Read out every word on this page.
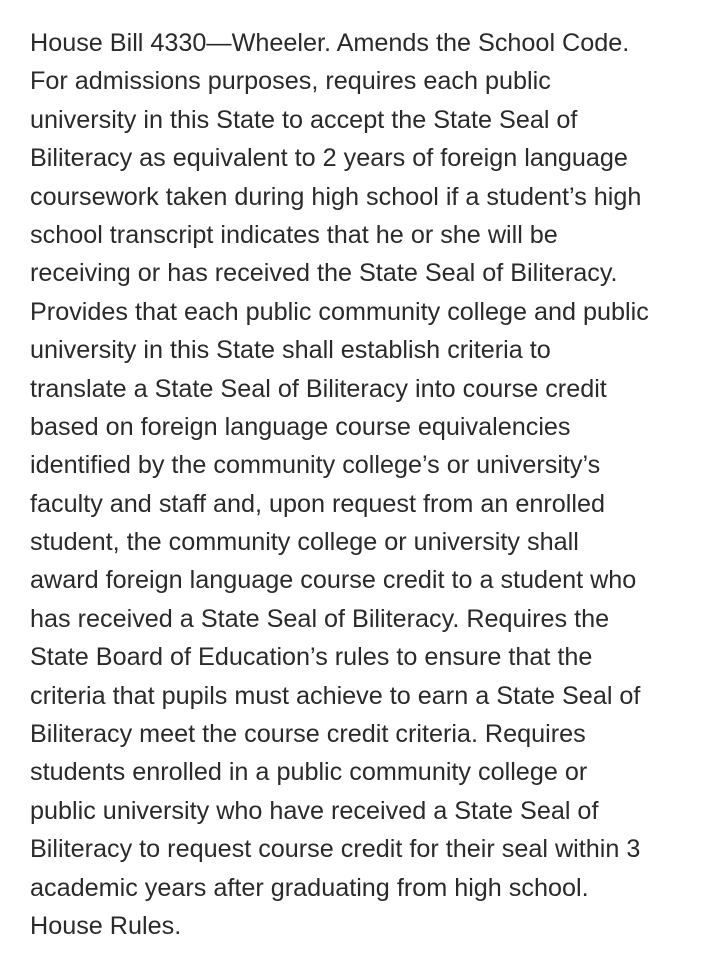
House Bill 4330—Wheeler. Amends the School Code.
For admissions purposes, requires each public
university in this State to accept the State Seal of
Biliteracy as equivalent to 2 years of foreign language
coursework taken during high school if a student’s high
school transcript indicates that he or she will be
receiving or has received the State Seal of Biliteracy.
Provides that each public community college and public
university in this State shall establish criteria to
translate a State Seal of Biliteracy into course credit
based on foreign language course equivalencies
identified by the community college’s or university’s
faculty and staff and, upon request from an enrolled
student, the community college or university shall
award foreign language course credit to a student who
has received a State Seal of Biliteracy. Requires the
State Board of Education’s rules to ensure that the
criteria that pupils must achieve to earn a State Seal of
Biliteracy meet the course credit criteria. Requires
students enrolled in a public community college or
public university who have received a State Seal of
Biliteracy to request course credit for their seal within 3
academic years after graduating from high school.
House Rules.
